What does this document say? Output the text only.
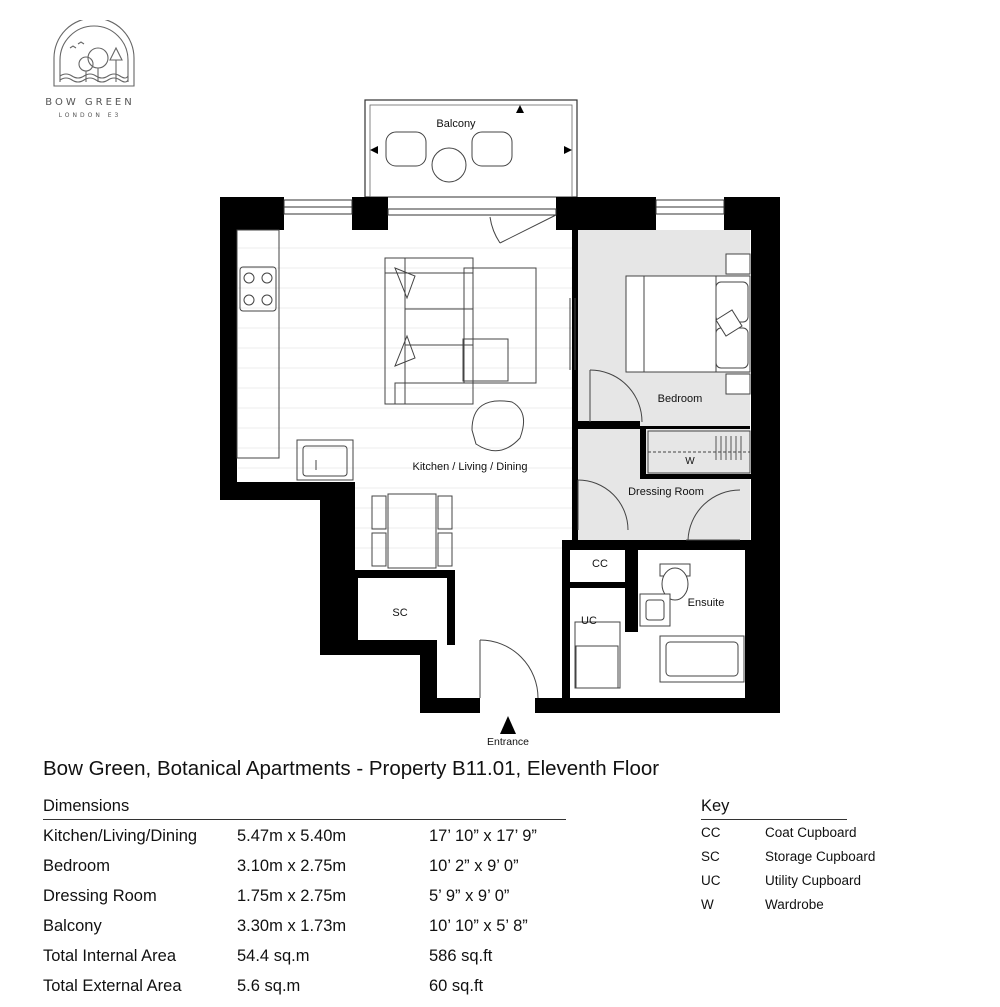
BOW GREEN
LONDON E3
Balcony
Bedroom
W
Dressing Room
Kitchen / Living / Dining
CC
Ensuite
SC
UC
Entrance
Bow Green, Botanical Apartments - Property B11.01, Eleventh Floor
Dimensions
Kitchen/Living/Dining 5.47m x 5.40m	17’ 10” x 17’ 9”
Bedroom	3.10m x 2.75m	10’ 2” x 9’ 0”
Dressing Room	1.75m x 2.75m	5’ 9” x 9’ 0”
Balcony	3.30m x 1.73m	10’ 10” x 5’ 8”
Total Internal Area	54.4 sq.m	586 sq.ft
Total External Area	5.6 sq.m	60 sq.ft
Key
CC	Coat Cupboard
SC	Storage Cupboard
UC	Utility Cupboard
W	Wardrobe
